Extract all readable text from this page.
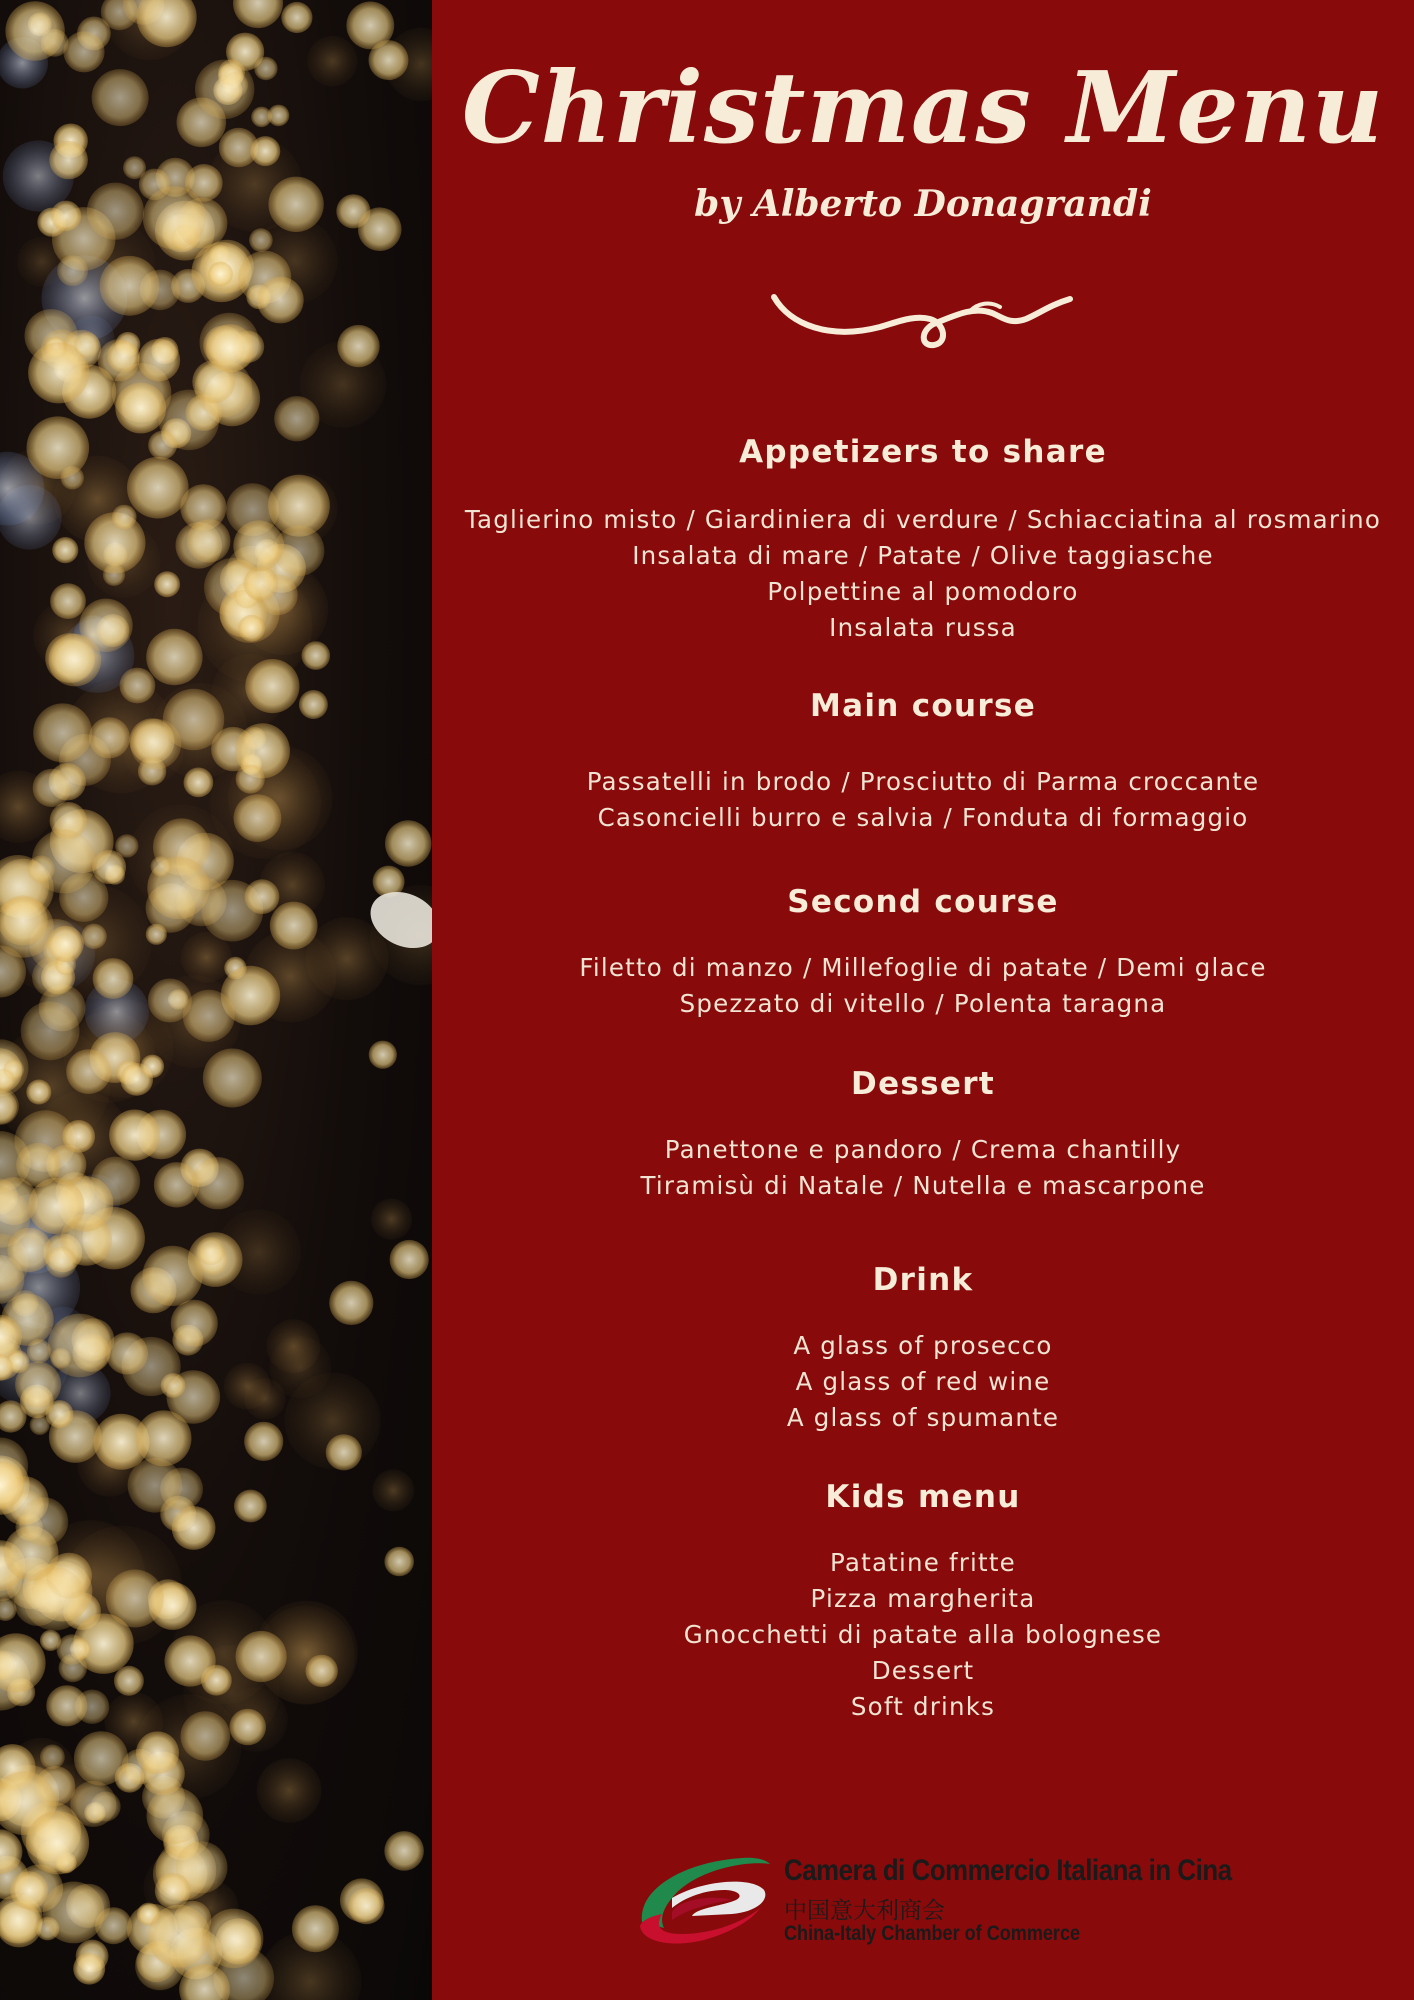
Christmas Menu
by Alberto Donagrandi
Appetizers to share
Taglierino misto / Giardiniera di verdure / Schiacciatina al rosmarino
Insalata di mare / Patate / Olive taggiasche
Polpettine al pomodoro
Insalata russa
Main course
Passatelli in brodo / Prosciutto di Parma croccante
Casoncielli burro e salvia / Fonduta di formaggio
Second course
Filetto di manzo / Millefoglie di patate / Demi glace
Spezzato di vitello / Polenta taragna
Dessert
Panettone e pandoro / Crema chantilly
Tiramisù di Natale / Nutella e mascarpone
Drink
A glass of prosecco
A glass of red wine
A glass of spumante
Kids menu
Patatine fritte
Pizza margherita
Gnocchetti di patate alla bolognese
Dessert
Soft drinks
Camera di Commercio Italiana in Cina
中国意大利商会
China-Italy Chamber of Commerce
